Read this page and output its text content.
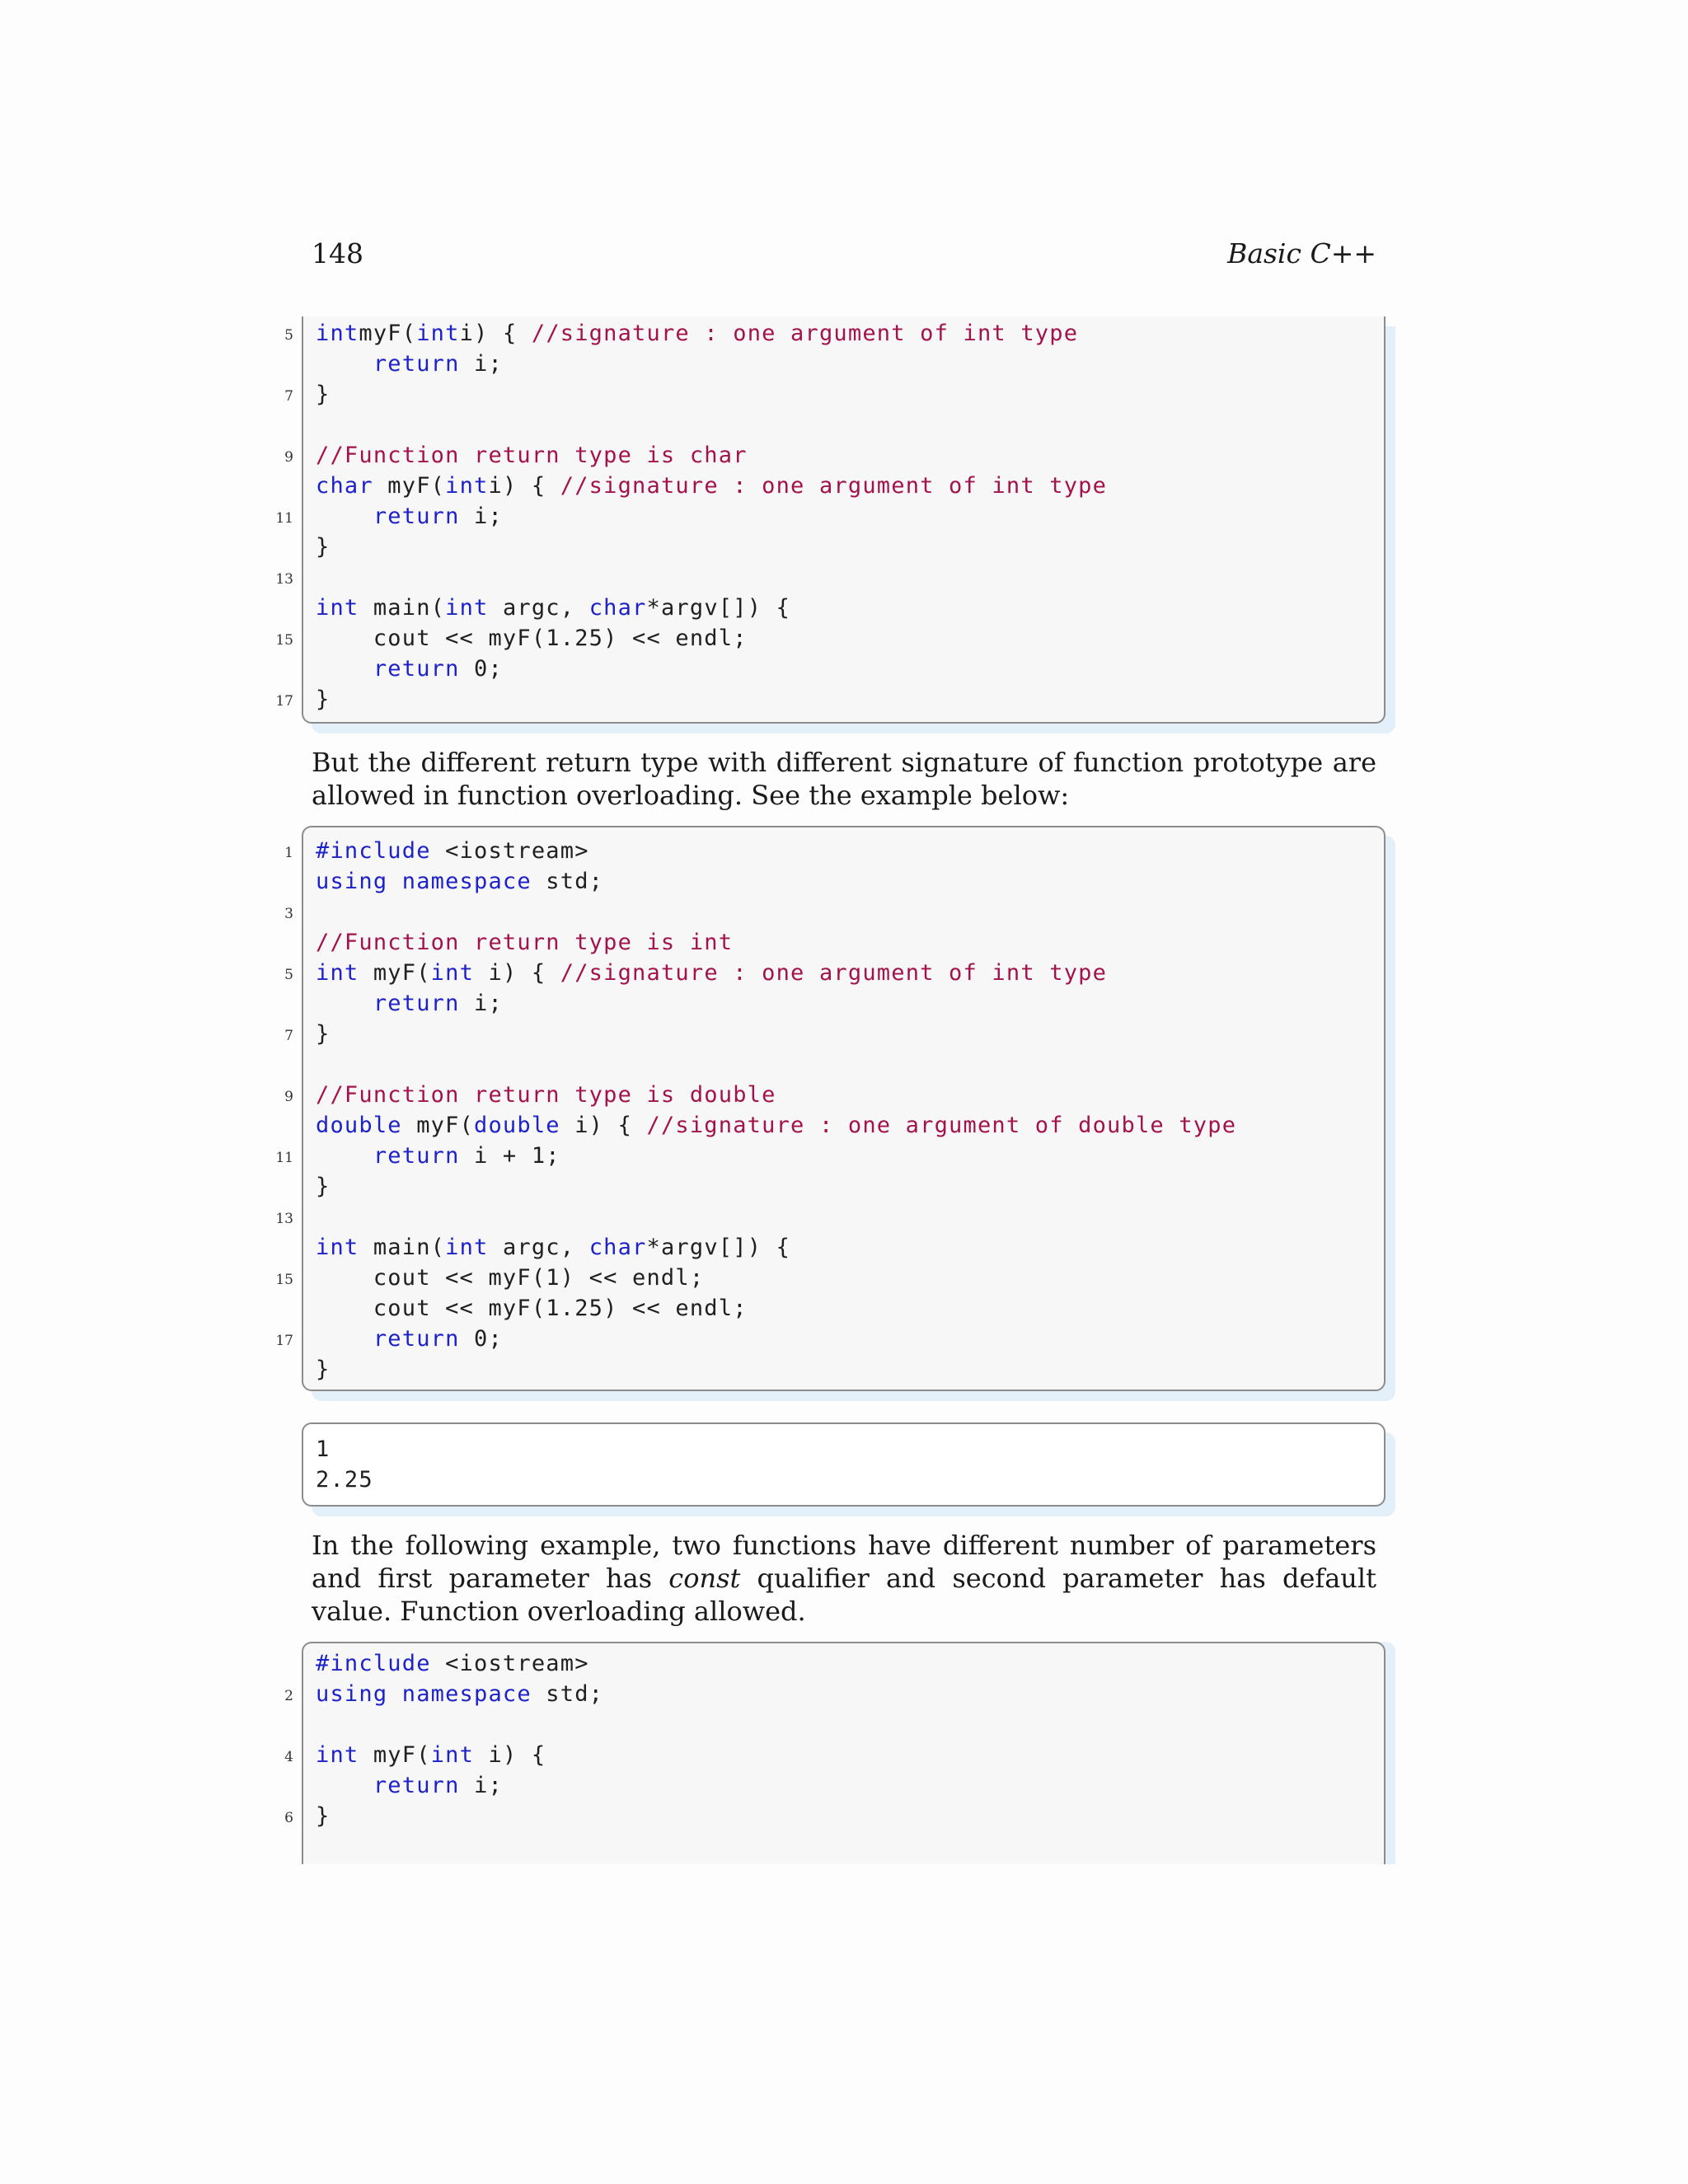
148	Basic C++
5 intmyF(inti) { //signature : one argument of int type
return i;
7 }
9 //Function return type is char
char myF(inti) { //signature : one argument of int type
11	return i;
}
13
int main(int argc, char*argv[]) {
15 cout << myF(1.25) << endl;
return 0;
17 }
But the different return type with different signature of function prototype are allowed in function overloading. See the example below:
1 #include <iostream>
using namespace std;
3
//Function return type is int
5 int myF(int i) { //signature : one argument of int type
return i;
7 }
9 //Function return type is double
double myF(double i) { //signature : one argument of double type
11	return i + 1;
}
13
int main(int argc, char*argv[]) {
15 cout << myF(1) << endl;
cout << myF(1.25) << endl;
17	return 0;
}
1
2.25
In the following example, two functions have different number of parameters and first parameter has const qualifier and second parameter has default value. Function overloading allowed.
#include <iostream>
2 using namespace std;
4 int myF(int i) {
return i;
6 }
